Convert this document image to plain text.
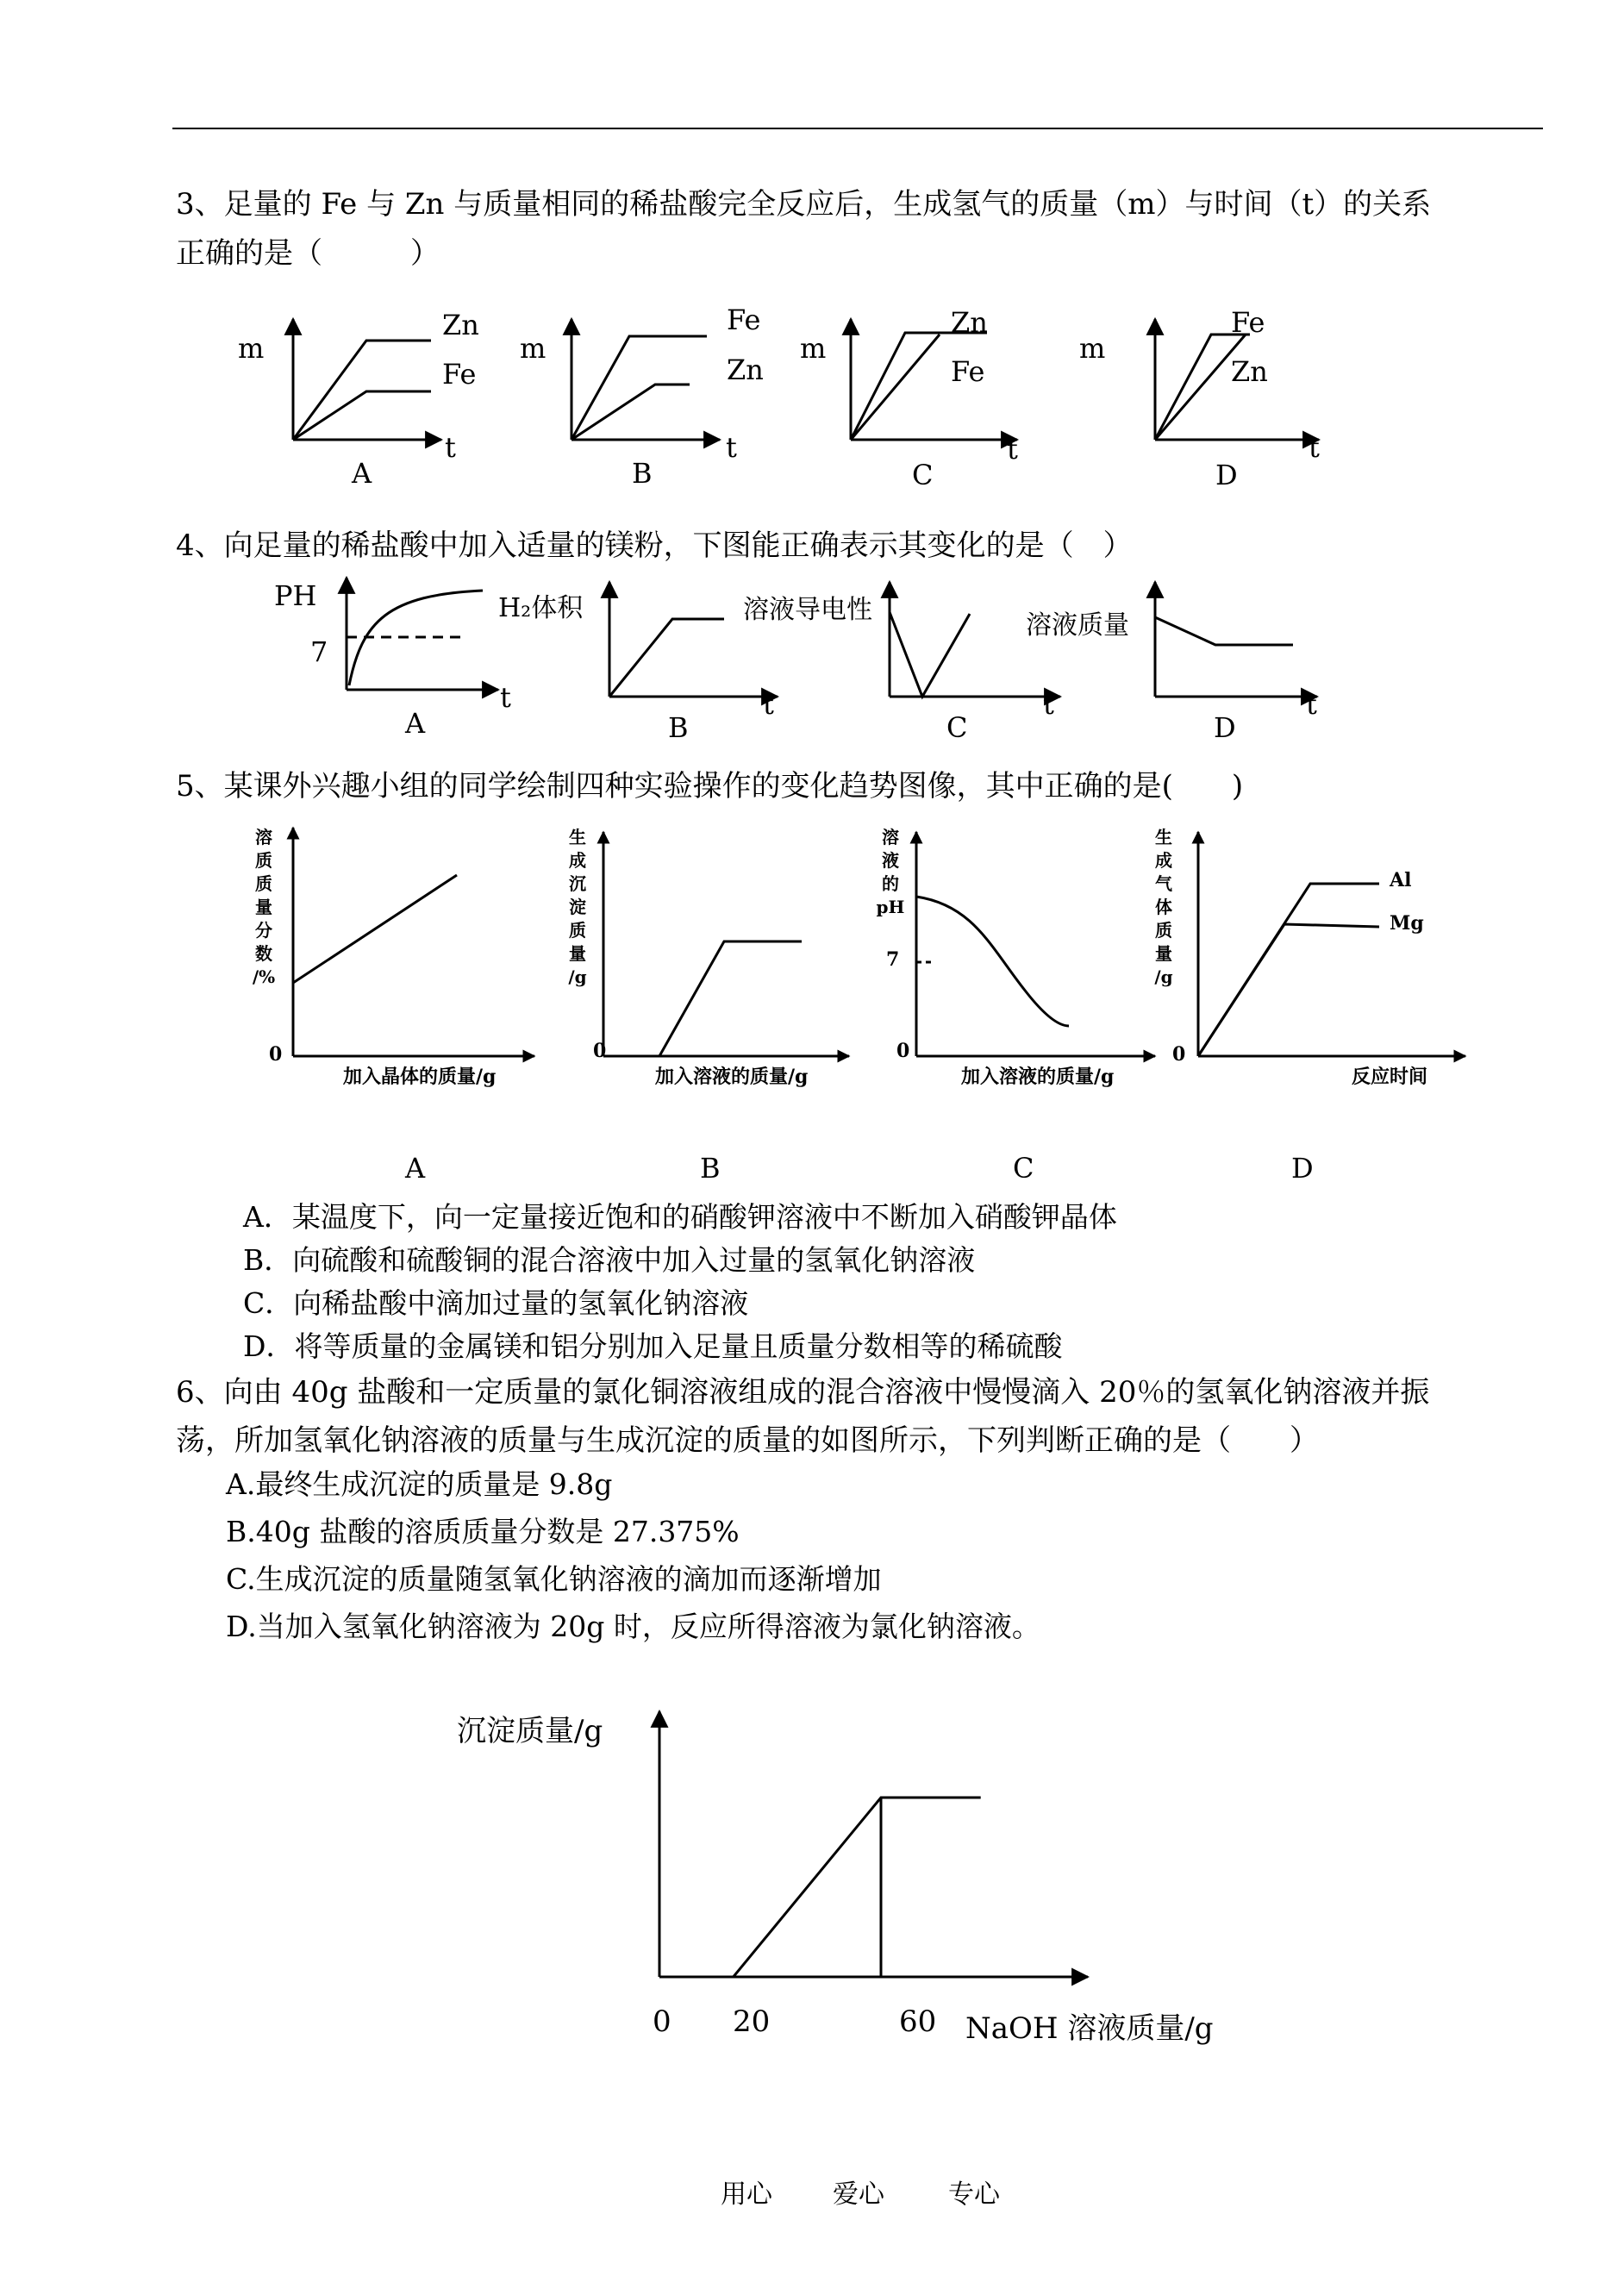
3、足量的 Fe 与 Zn 与质量相同的稀盐酸完全反应后，生成氢气的质量（m）与时间（t）的关系
正确的是（　　　）
m
t
Zn
Fe
A
m
t
Fe
Zn
B
m
t
Zn
Fe
C
m
t
Fe
Zn
D
4、向足量的稀盐酸中加入适量的镁粉，下图能正确表示其变化的是（　）
PH
7
t
A
H₂体积
t
B
溶液导电性
t
C
溶液质量
t
D
5、某课外兴趣小组的同学绘制四种实验操作的变化趋势图像，其中正确的是(　　)
溶
质
质
量
分
数
/%
0
加入晶体的质量/g
A
生
成
沉
淀
质
量
/g
0
加入溶液的质量/g
B
溶
液
的
pH
7
0
加入溶液的质量/g
C
生
成
气
体
质
量
/g
0
反应时间
Al
Mg
D
A．某温度下，向一定量接近饱和的硝酸钾溶液中不断加入硝酸钾晶体
B．向硫酸和硫酸铜的混合溶液中加入过量的氢氧化钠溶液
C．向稀盐酸中滴加过量的氢氧化钠溶液
D．将等质量的金属镁和铝分别加入足量且质量分数相等的稀硫酸
6、向由 40g 盐酸和一定质量的氯化铜溶液组成的混合溶液中慢慢滴入 20％的氢氧化钠溶液并振
荡，所加氢氧化钠溶液的质量与生成沉淀的质量的如图所示，下列判断正确的是（　　）
A.最终生成沉淀的质量是 9.8g
B.40g 盐酸的溶质质量分数是 27.375%
C.生成沉淀的质量随氢氧化钠溶液的滴加而逐渐增加
D.当加入氢氧化钠溶液为 20g 时，反应所得溶液为氯化钠溶液。
沉淀质量/g
NaOH 溶液质量/g
0 20	60
用心 爱心 专心
